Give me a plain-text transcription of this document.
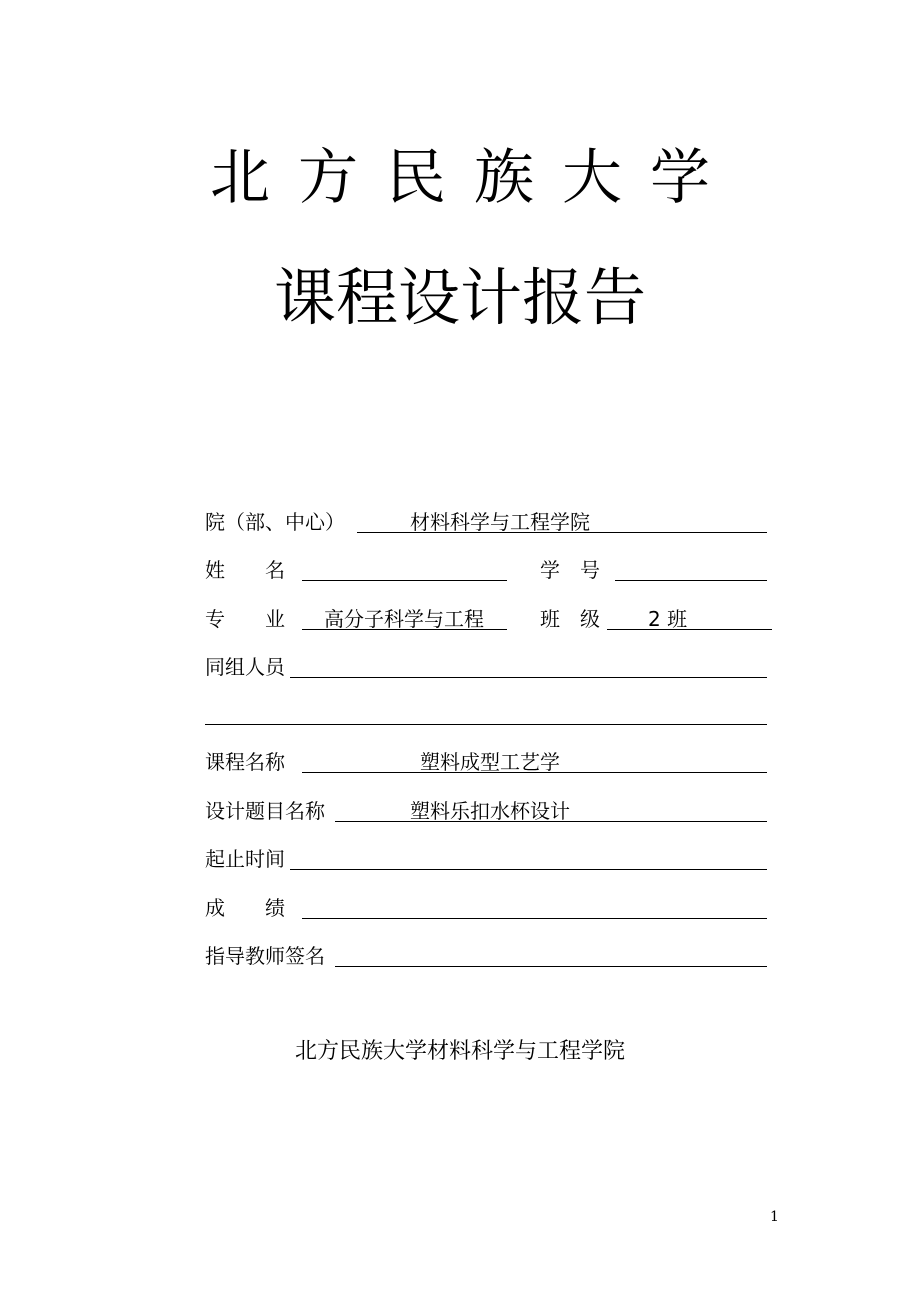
北方民族大学
课程设计报告
院（部、中心）	材料科学与工程学院
姓　　名	学　号
专　　业 高分子科学与工程	班　级 2 班
同组人员
课程名称	塑料成型工艺学
设计题目名称	塑料乐扣水杯设计
起止时间
成　　绩
指导教师签名
北方民族大学材料科学与工程学院
1
